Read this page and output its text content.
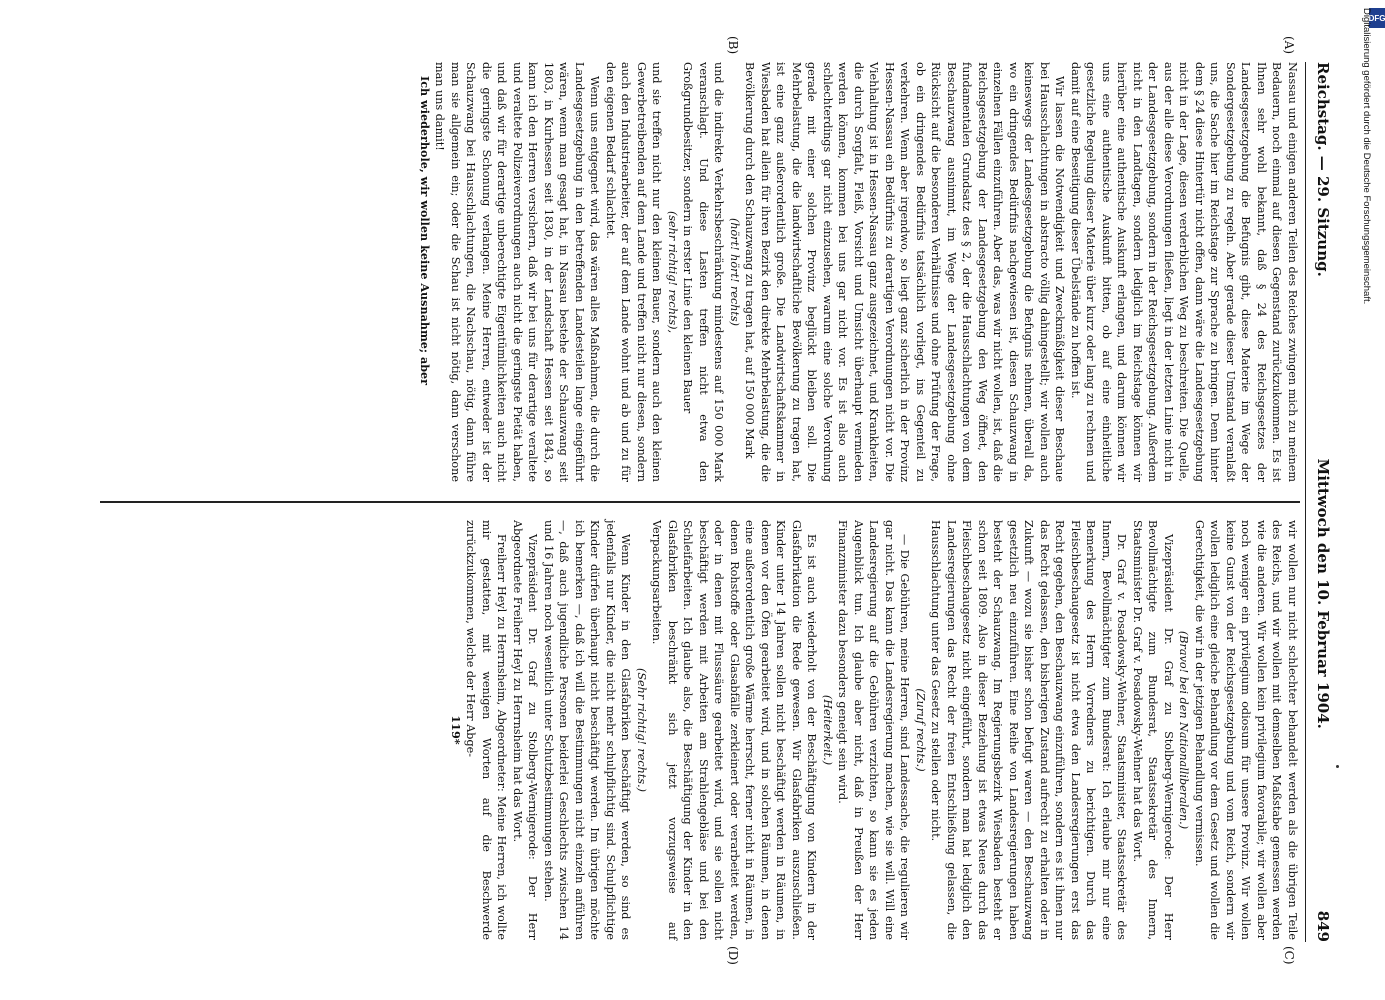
DFG
Digitalisierung gefördert durch die Deutsche Forschungsgemeinschaft.
Reichstag. — 29. Sitzung.
Mittwoch den 10. Februar 1904.
849
(A)
(B)
(C)
(D)

Nassau und einigen anderen Teilen des Reiches zwingen mich zu meinem Bedauern, noch einmal auf diesen Gegenstand zurückzukommen. Es ist Ihnen sehr wohl bekannt, daß § 24 des Reichsgesetzes der Landesgesetzgebung die Befugnis gibt, diese Materie im Wege der Sondergesetzgebung zu regeln. Aber gerade dieser Umstand veranlaßt uns, die Sache hier im Reichstage zur Sprache zu bringen. Denn hinter dem § 24 diese Hintertür nicht offen, dann wäre die Landesgesetzgebung nicht in der Lage, diesen verderblichen Weg zu beschreiten. Die Quelle, aus der alle diese Verordnungen fließen, liegt in der letzten Linie nicht in der Landesgesetzgebung, sondern in der Reichsgesetzgebung. Außerdem nicht in den Landtagen, sondern lediglich im Reichstage können wir hierüber eine authentische Auskunft erlangen, und darum können wir uns eine authentische Auskunft bitten, ob auf eine einheitliche gesetzliche Regelung dieser Materie über kurz oder lang zu rechnen und damit auf eine Beseitigung dieser Übelstände zu hoffen ist.

Wir lassen die Notwendigkeit und Zweckmäßigkeit dieser Beschaue bei Hausschlachtungen in abstracto völlig dahingestellt; wir wollen auch keineswegs der Landesgesetzgebung die Befugnis nehmen, überall da, wo ein dringendes Bedürfnis nachgewiesen ist, diesen Schauzwang in einzelnen Fällen einzuführen. Aber das, was wir nicht wollen, ist, daß die Reichsgesetzgebung der Landesgesetzgebung den Weg öffnet, den fundamentalen Grundsatz des § 2, der die Hausschlachtungen von dem Beschauzwang ausnimmt, im Wege der Landesgesetzgebung ohne Rücksicht auf die besonderen Verhältnisse und ohne Prüfung der Frage, ob ein dringendes Bedürfnis tatsächlich vorliegt, ins Gegenteil zu verkehren. Wenn aber irgendwo, so liegt ganz sicherlich in der Provinz Hessen-Nassau ein Bedürfnis zu derartigen Verordnungen nicht vor. Die Viehhaltung ist in Hessen-Nassau ganz ausgezeichnet, und Krankheiten, die durch Sorgfalt, Fleiß, Vorsicht und Umsicht überhaupt vermieden werden können, kommen bei uns gar nicht vor. Es ist also auch schlechterdings gar nicht einzusehen, warum eine solche Verordnung gerade mit einer solchen Provinz beglückt bleiben soll. Die Mehrbelastung, die die landwirtschaftliche Bevölkerung zu tragen hat, ist eine ganz außerordentlich große. Die Landwirtschaftskammer in Wiesbaden hat allein für ihren Bezirk den direkte Mehrbelastung, die die Bevölkerung durch den Schauzwang zu tragen hat, auf 150 000 Mark

(hört! hört! rechts)

und die indirekte Verkehrsbeschränkung mindestens auf 150 000 Mark veranschlagt. Und diese Lasten treffen nicht etwa den Großgrundbesitzer, sondern in erster Linie den kleinen Bauer

(sehr richtig! rechts),

und sie treffen nicht nur den kleinen Bauer, sondern auch den kleinen Gewerbetreibenden auf dem Lande und treffen nicht nur diesen, sondern auch den Industriearbeiter, der auf dem Lande wohnt und ab und zu für den eigenen Bedarf schlachtet.

Wenn uns entgegnet wird, das wären alles Maßnahmen, die durch die Landesgesetzgebung in den betreffenden Landesteilen lange eingeführt wären, wenn man gesagt hat, in Nassau bestehe der Schauzwang seit 1803, in Kurhessen seit 1830, in der Landschaft Hessen seit 1843, so kann ich den Herren versichern, daß wir bei uns für derartige veraltete und veraltete Polizeiverordnungen auch nicht die geringste Pietät haben, und daß wir für derartige unberechtigte Eigentümlichkeiten auch nicht die geringste Schonung verlangen. Meine Herren, entweder ist der Schauzwang bei Hausschlachtungen, die Nachschau, nötig, dann führe man sie allgemein ein; oder die Schau ist nicht nötig, dann verschone man uns damit!

Ich wiederhole, wir wollen keine Ausnahme; aber

wir wollen nur nicht schlechter behandelt werden als die übrigen Teile des Reichs, und wir wollen mit demselben Maßstabe gemessen werden wie die anderen. Wir wollen kein privilegium favorabile; wir wollen aber noch weniger ein privilegium odiosum für unsere Provinz. Wir wollen keine Gunst von der Reichsgesetzgebung und vom Reich, sondern wir wollen lediglich eine gleiche Behandlung vor dem Gesetz und wollen die Gerechtigkeit, die wir in der jetzigen Behandlung vermissen.

(Bravo! bei den Nationalliberalen.)

Vizepräsident Dr. Graf zu Stolberg-Wernigerode: Der Herr Bevollmächtigte zum Bundesrat, Staatssekretär des Innern, Staatsminister Dr. Graf v. Posadowsky-Wehner hat das Wort.

Dr. Graf v. Posadowsky-Wehner, Staatsminister, Staatssekretär des Innern, Bevollmächtigter zum Bundesrat: Ich erlaube mir nur eine Bemerkung des Herrn Vorredners zu berichtigen. Durch das Fleischbeschaugesetz ist nicht etwa den Landesregierungen erst das Recht gegeben, den Beschauzwang einzuführen, sondern es ist ihnen nur das Recht gelassen, den bisherigen Zustand aufrecht zu erhalten oder in Zukunft — wozu sie bisher schon befugt waren — den Beschauzwang gesetzlich neu einzuführen. Eine Reihe von Landesregierungen haben besteht der Schauzwang. Im Regierungsbezirk Wiesbaden besteht er schon seit 1809. Also in dieser Beziehung ist etwas Neues durch das Fleischbeschaugesetz nicht eingeführt, sondern man hat lediglich den Landesregierungen das Recht der freien Entschließung gelassen, die Hausschlachtung unter das Gesetz zu stellen oder nicht.

(Zuruf rechts.)

— Die Gebühren, meine Herren, sind Landessache, die regulieren wir gar nicht. Das kann die Landesregierung machen, wie sie will. Will eine Landesregierung auf die Gebühren verzichten, so kann sie es jeden Augenblick tun. Ich glaube aber nicht, daß in Preußen der Herr Finanzminister dazu besonders geneigt sein wird.

(Heiterkeit.)

Es ist auch wiederholt von der Beschäftigung von Kindern in der Glasfabrikation die Rede gewesen. Wir Glasfabriken auszuschließen. Kinder unter 14 Jahren sollen nicht beschäftigt werden in Räumen, in denen vor den Öfen gearbeitet wird, und in solchen Räumen, in denen eine außerordentlich große Wärme herrscht, ferner nicht in Räumen, in denen Rohstoffe oder Glasabfälle zerkleinert oder verarbeitet werden, oder in denen mit Flusssäure gearbeitet wird, und sie sollen nicht beschäftigt werden mit Arbeiten am Strahlengebläse und bei den Schleifarbeiten. Ich glaube also, die Beschäftigung der Kinder in den Glasfabriken beschränkt sich jetzt vorzugsweise auf Verpackungsarbeiten.

(Sehr richtig! rechts.)

Wenn Kinder in den Glasfabriken beschäftigt werden, so sind es jedenfalls nur Kinder, die nicht mehr schulpflichtig sind. Schulpflichtige Kinder dürfen überhaupt nicht beschäftigt werden. Im übrigen möchte ich bemerken —, daß ich will die Bestimmungen nicht einzeln anführen —, daß auch jugendliche Personen beiderlei Geschlechts zwischen 14 und 16 Jahren noch wesentlich unter Schutzbestimmungen stehen.

Vizepräsident Dr. Graf zu Stolberg-Wernigerode: Der Herr Abgeordnete Freiherr Heyl zu Herrnsheim hat das Wort.

Freiherr Heyl zu Herrnsheim, Abgeordneter: Meine Herren, ich wollte mir gestatten, mit wenigen Worten auf die Beschwerde zurückzukommen, welche der Herr Abge-

119*
